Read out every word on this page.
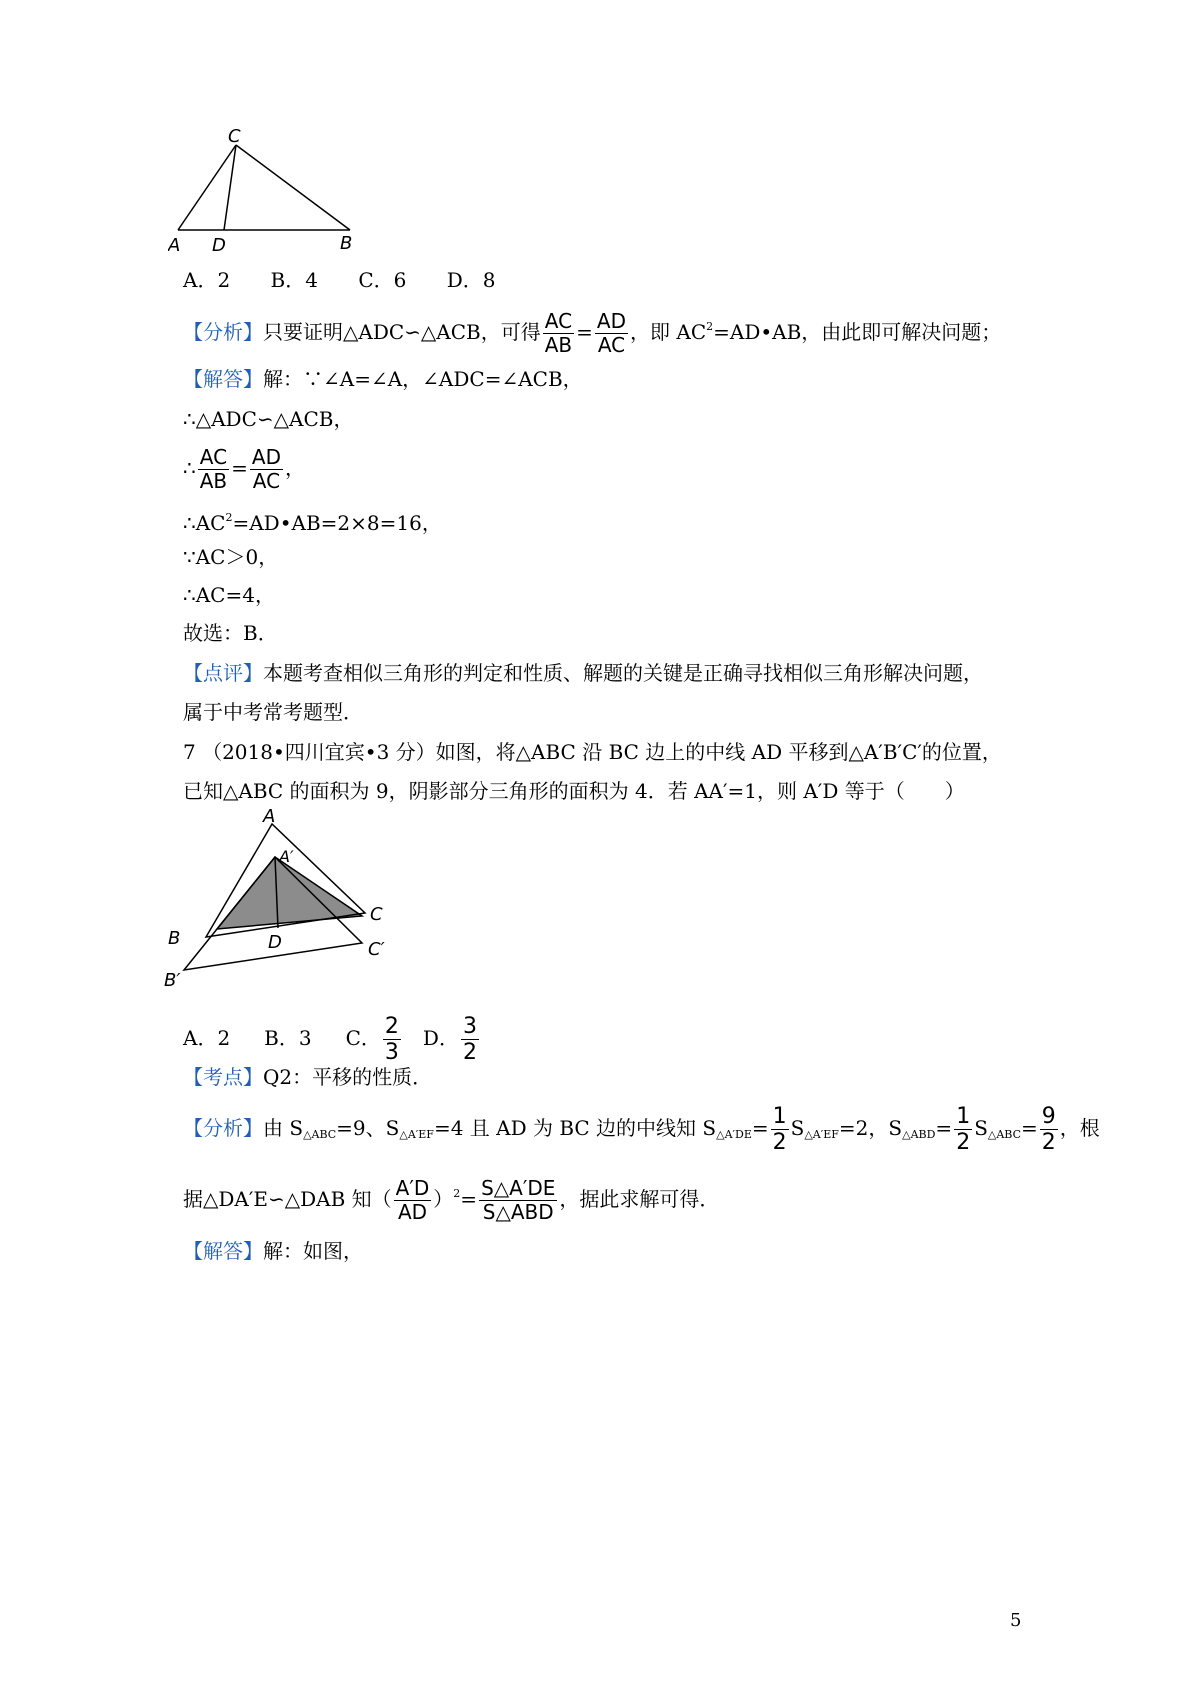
C
A D	B
A．2 B．4 C．6 D．8
【分析】只要证明△ADC∽△ACB，可得 $\frac{AC}{AB} = \frac{AD}{AC}$ ，即 $AC^2=AD•AB$，由此即可解决问题；
【解答】解：∵∠A=∠A，∠ADC=∠ACB，
∴△ADC∽△ACB，
∴ $\frac{AC}{AB} = \frac{AD}{AC}$ ，
$\therefore AC^2=AD•AB=2\times 8=16$，
∵AC＞0，
∴AC=4，
故选：B．
【点评】本题考查相似三角形的判定和性质、解题的关键是正确寻找相似三角形解决问题，
属于中考常考题型．
7 （2018•四川宜宾•3 分）如图，将△ABC 沿 BC 边上的中线 AD 平移到△A′B′C′的位置，
已知△ABC 的面积为 9，阴影部分三角形的面积为 4．若 AA′=1，则 A′D 等于（　　）
A
A′
C
B	D	C′
B′
A．2 B．3 C． $\frac{2}{3}$ D． $\frac{3}{2}$
【考点】Q2：平移的性质．
【分析】由 $S_{\triangle ABC}=9$、$S_{\triangle A'EF}=4$ 且 AD 为 BC 边的中线知 $S_{\triangle A'DE}= \frac{1}{2} S_{\triangle A'EF}=2$，$S_{\triangle ABD}= \frac{1}{2} S_{\triangle ABC}= \frac{9}{2}$ ，根
据△DA′E∽△DAB 知（ $\frac{A'D}{AD} )^2= \frac{S\triangle A'DE}{\text{S△ABD}}$ ，据此求解可得．
【解答】解：如图，
5
